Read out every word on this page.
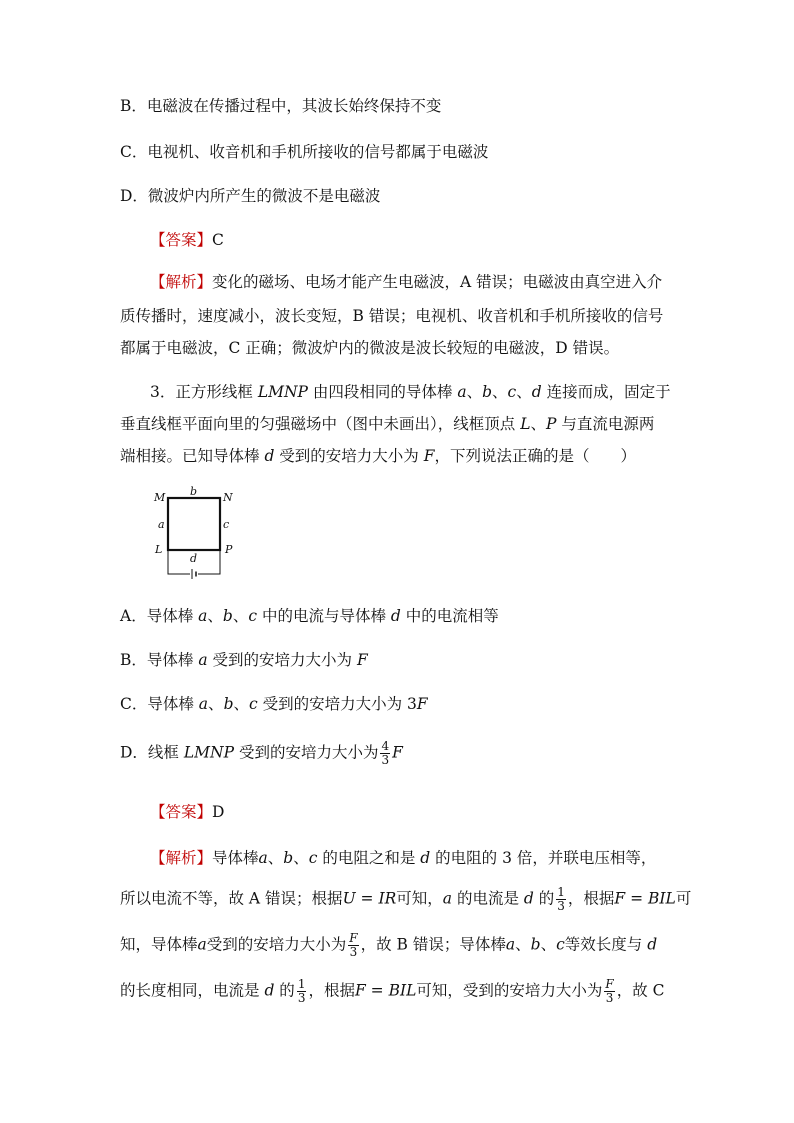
B．电磁波在传播过程中，其波长始终保持不变
C．电视机、收音机和手机所接收的信号都属于电磁波
D．微波炉内所产生的微波不是电磁波
【答案】C
【解析】变化的磁场、电场才能产生电磁波，A 错误；电磁波由真空进入介
质传播时，速度减小，波长变短，B 错误；电视机、收音机和手机所接收的信号
都属于电磁波，C 正确；微波炉内的微波是波长较短的电磁波，D 错误。
3．正方形线框 LMNP 由四段相同的导体棒 a、b、c、d 连接而成，固定于
垂直线框平面向里的匀强磁场中（图中未画出），线框顶点 L、P 与直流电源两
端相接。已知导体棒 d 受到的安培力大小为 F，下列说法正确的是（　　）
M b N
a	c
L
d
P
A．导体棒 a、b、c 中的电流与导体棒 d 中的电流相等
B．导体棒 a 受到的安培力大小为 F
C．导体棒 a、b、c 受到的安培力大小为 3F
D．线框 LMNP 受到的安培力大小为 $\frac{4}{3}$ F
【答案】D
【解析】导体棒a、b、c 的电阻之和是 d 的电阻的 3 倍，并联电压相等，
所以电流不等，故 A 错误；根据U = IR可知，a 的电流是 d 的 $\frac{1}{3}$ ，根据F = BIL可
知，导体棒a受到的安培力大小为 $\frac{F}{3}$ ，故 B 错误；导体棒a、b、c等效长度与 d
的长度相同，电流是 d 的 $\frac{1}{3}$ ，根据F = BIL可知，受到的安培力大小为 $\frac{F}{3}$ ，故 C
